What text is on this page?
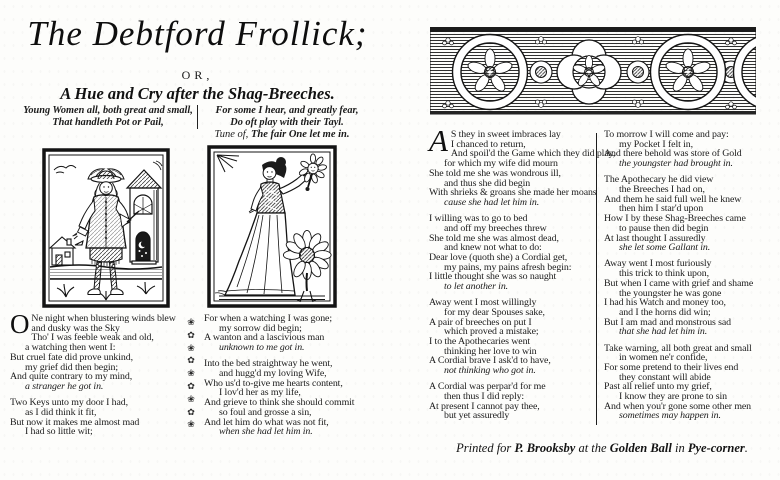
The Debtford Frollick;
OR,
A Hue and Cry after the Shag-Breeches.
Young Women all, both great and small,
That handleth Pot or Pail,
For some I hear, and greatly fear,
Do oft play with their Tayl.
Tune of, The fair One let me in.
O Ne night when blustering winds blew
and dusky was the Sky
Tho' I was feeble weak and old,
a watching then went I:
But cruel fate did prove unkind,
my grief did then begin;
And quite contrary to my mind,
a stranger he got in.

Two Keys unto my door I had,
as I did think it fit,
But now it makes me almost mad
I had so little wit;
❀
✿
❀
✿
❀
✿
❀
✿
❀
For when a watching I was gone;
my sorrow did begin;
A wanton and a lascivious man
unknown to me got in.

Into the bed straightway he went,
and hugg'd my loving Wife,
Who us'd to-give me hearts content,
I lov'd her as my life,
And grieve to think she should commit
so foul and grosse a sin,
And let him do what was not fit,
when she had let him in.
A S they in sweet imbraces lay
I chanced to return,
And spoil'd the Game which they did play,
for which my wife did mourn
She told me she was wondrous ill,
and thus she did begin
With shrieks & groans she made her moans
cause she had let him in.

I willing was to go to bed
and off my breeches threw
She told me she was almost dead,
and knew not what to do:
Dear love (quoth she) a Cordial get,
my pains, my pains afresh begin:
I little thought she was so naught
to let another in.

Away went I most willingly
for my dear Spouses sake,
A pair of breeches on put I
which proved a mistake;
I to the Apothecaries went
thinking her love to win
A Cordial brave I ask'd to have,
not thinking who got in.

A Cordial was perpar'd for me
then thus I did reply:
At present I cannot pay thee,
but yet assuredly
To morrow I will come and pay:
my Pocket I felt in,
And there behold was store of Gold
the youngster had brought in.

The Apothecary he did view
the Breeches I had on,
And them he said full well he knew
then him I star'd upon
How I by these Shag-Breeches came
to pause then did begin
At last thought I assuredly
she let some Gallant in.

Away went I most furiously
this trick to think upon,
But when I came with grief and shame
the youngster he was gone
I had his Watch and money too,
and I the horns did win;
But I am mad and monstrous sad
that she had let him in.

Take warning, all both great and small
in women ne'r confide,
For some pretend to their lives end
they constant will abide
Past all relief unto my grief,
I know they are prone to sin
And when you'r gone some other men
sometimes may happen in.
Printed for P. Brooksby at the Golden Ball in Pye-corner.
